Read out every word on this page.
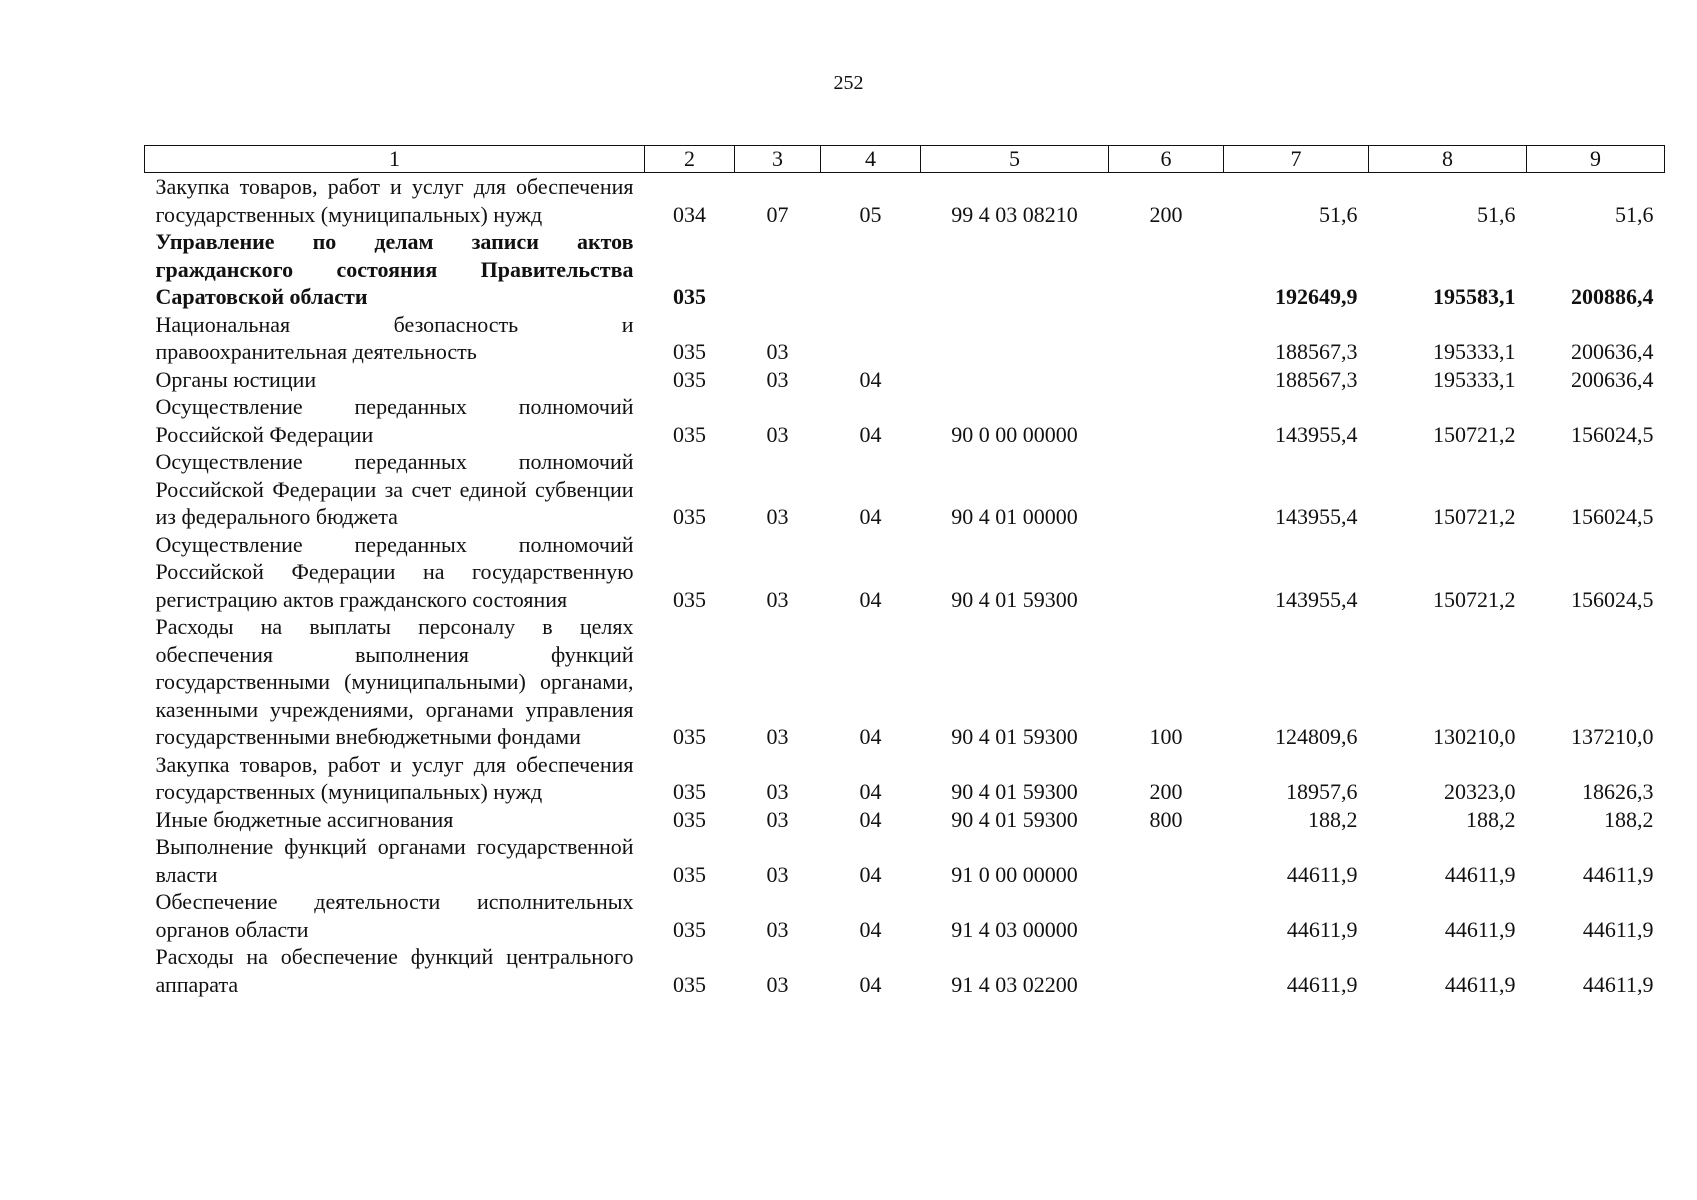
252
1	2	3	4	5	6	7	8	9
Закупка товаров, работ и услуг для обеспечения государственных (муниципальных) нужд	034	07	05	99 4 03 08210	200	51,6	51,6	51,6
Управление по делам записи актов гражданского состояния Правительства Саратовской области	035					192649,9	195583,1	200886,4
Национальная безопасность и правоохранительная деятельность	035	03				188567,3	195333,1	200636,4
Органы юстиции	035	03	04			188567,3	195333,1	200636,4
Осуществление переданных полномочий Российской Федерации	035	03	04	90 0 00 00000		143955,4	150721,2	156024,5
Осуществление переданных полномочий Российской Федерации за счет единой субвенции из федерального бюджета	035	03	04	90 4 01 00000		143955,4	150721,2	156024,5
Осуществление переданных полномочий Российской Федерации на государственную регистрацию актов гражданского состояния	035	03	04	90 4 01 59300		143955,4	150721,2	156024,5
Расходы на выплаты персоналу в целях обеспечения выполнения функций государственными (муниципальными) органами, казенными учреждениями, органами управления государственными внебюджетными фондами	035	03	04	90 4 01 59300	100	124809,6	130210,0	137210,0
Закупка товаров, работ и услуг для обеспечения государственных (муниципальных) нужд	035	03	04	90 4 01 59300	200	18957,6	20323,0	18626,3
Иные бюджетные ассигнования	035	03	04	90 4 01 59300	800	188,2	188,2	188,2
Выполнение функций органами государственной власти	035	03	04	91 0 00 00000		44611,9	44611,9	44611,9
Обеспечение деятельности исполнительных органов области	035	03	04	91 4 03 00000		44611,9	44611,9	44611,9
Расходы на обеспечение функций центрального аппарата	035	03	04	91 4 03 02200		44611,9	44611,9	44611,9
